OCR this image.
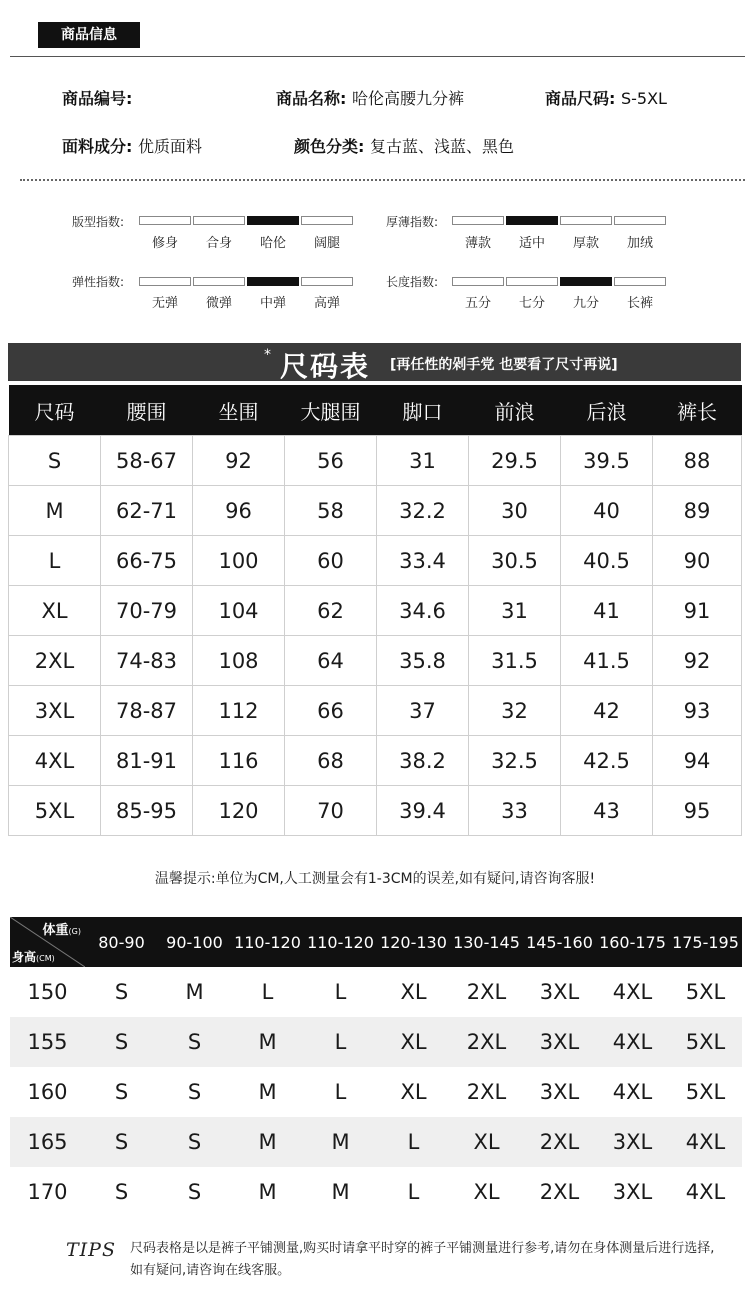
商品信息
商品编号:	商品名称: 哈伦高腰九分裤	商品尺码: S-5XL
面料成分: 优质面料	颜色分类: 复古蓝、浅蓝、黑色
版型指数:
修身	合身	哈伦	阔腿
厚薄指数:
薄款	适中	厚款	加绒
弹性指数:
无弹	微弹	中弹	高弹
长度指数:
五分	七分	九分	长裤
* 尺码表 [再任性的剁手党 也要看了尺寸再说]
尺码	腰围	坐围	大腿围	脚口	前浪	后浪	裤长
S	58-67	92	56	31	29.5	39.5	88
M	62-71	96	58	32.2	30	40	89
L	66-75	100	60	33.4	30.5	40.5	90
XL	70-79	104	62	34.6	31	41	91
2XL	74-83	108	64	35.8	31.5	41.5	92
3XL	78-87	112	66	37	32	42	93
4XL	81-91	116	68	38.2	32.5	42.5	94
5XL	85-95	120	70	39.4	33	43	95
温馨提示:单位为CM,人工测量会有1-3CM的误差,如有疑问,请咨询客服!
体重(G)
身高(CM)	80-90	90-100	110-120	110-120	120-130	130-145	145-160	160-175	175-195
150	S	M	L	L	XL	2XL	3XL	4XL	5XL
155	S	S	M	L	XL	2XL	3XL	4XL	5XL
160	S	S	M	L	XL	2XL	3XL	4XL	5XL
165	S	S	M	M	L	XL	2XL	3XL	4XL
170	S	S	M	M	L	XL	2XL	3XL	4XL
TIPS 尺码表格是以是裤子平铺测量,购买时请拿平时穿的裤子平铺测量进行参考,请勿在身体测量后进行选择,如有疑问,请咨询在线客服。
